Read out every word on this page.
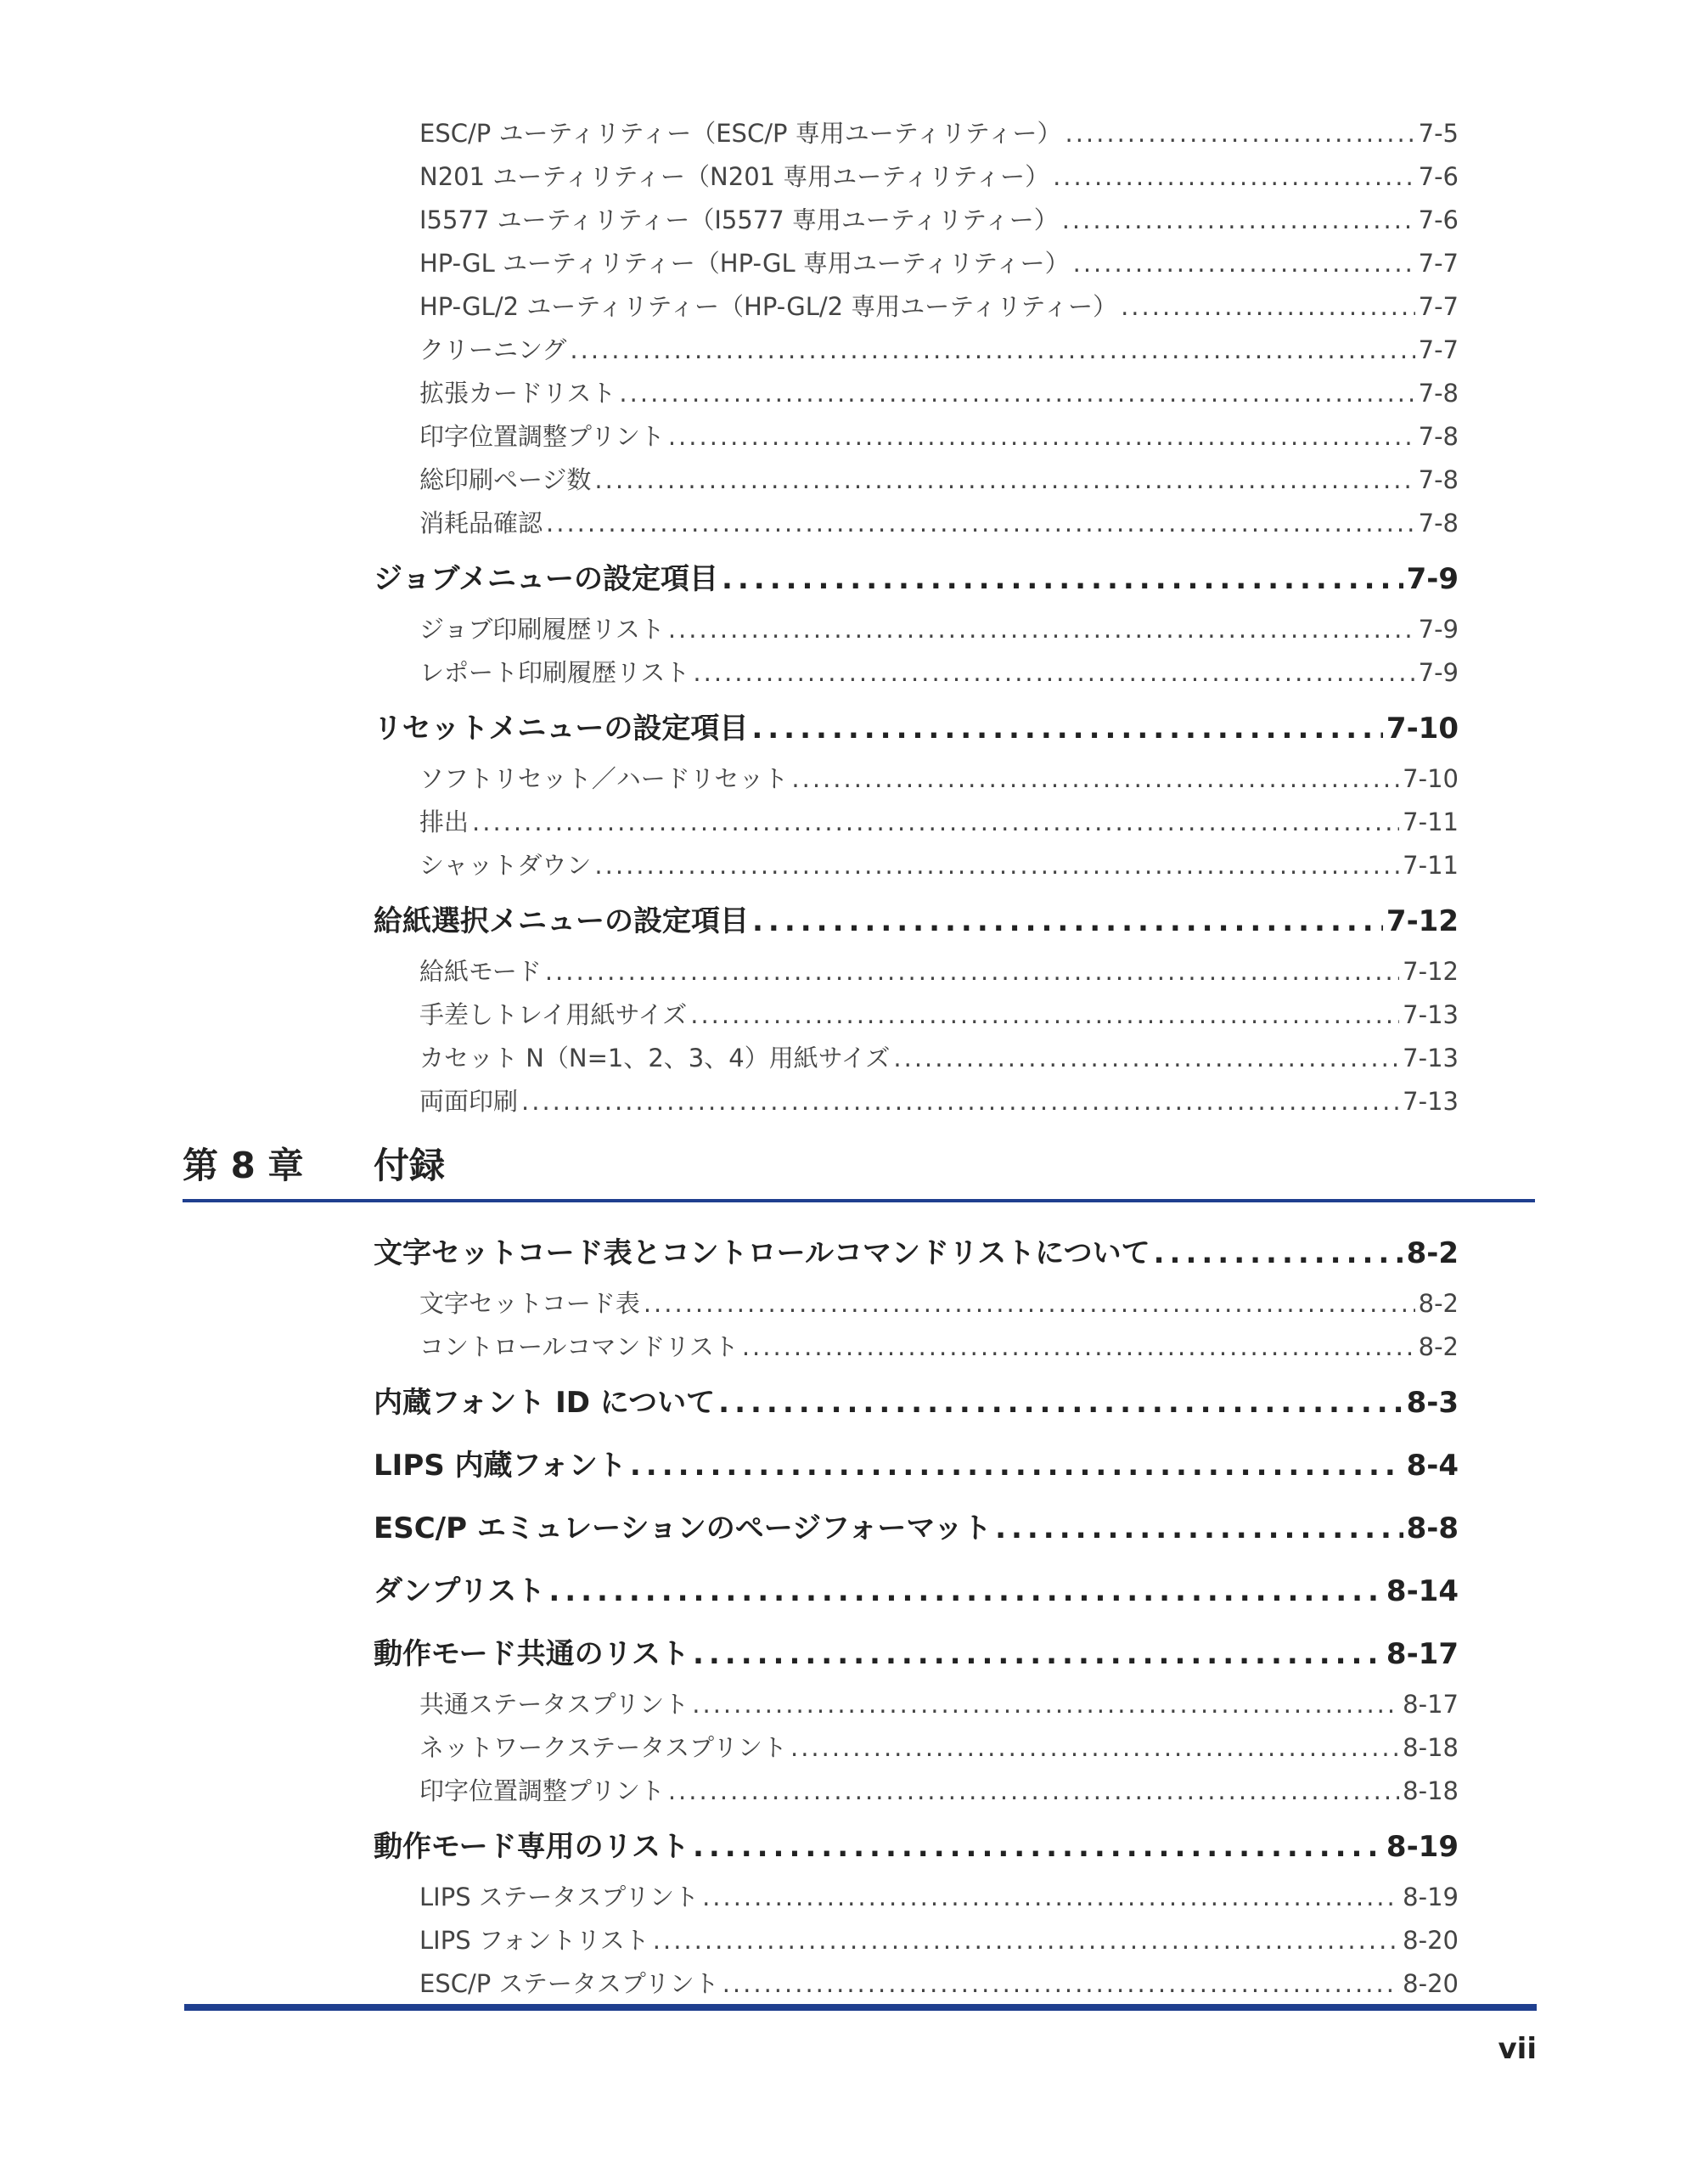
ESC/P ユーティリティー（ESC/P 専用ユーティリティー） .....	7-5
N201 ユーティリティー（N201 専用ユーティリティー） .....	7-6
I5577 ユーティリティー（I5577 専用ユーティリティー） .....	7-6
HP-GL ユーティリティー（HP-GL 専用ユーティリティー） .....	7-7
HP-GL/2 ユーティリティー（HP-GL/2 専用ユーティリティー） .....	7-7
クリーニング .....	7-7
拡張カードリスト .....	7-8
印字位置調整プリント .....	7-8
総印刷ページ数 .....	7-8
消耗品確認 .....	7-8
ジョブメニューの設定項目 .....	7-9
ジョブ印刷履歴リスト .....	7-9
レポート印刷履歴リスト .....	7-9
リセットメニューの設定項目 .....	7-10
ソフトリセット／ハードリセット .....	7-10
排出 .....	7-11
シャットダウン .....	7-11
給紙選択メニューの設定項目 .....	7-12
給紙モード .....	7-12
手差しトレイ用紙サイズ .....	7-13
カセット N（N=1、2、3、4）用紙サイズ .....	7-13
両面印刷 .....	7-13
第 8 章 付録
文字セットコード表とコントロールコマンドリストについて .....	8-2
文字セットコード表 .....	8-2
コントロールコマンドリスト .....	8-2
内蔵フォント ID について .....	8-3
LIPS 内蔵フォント .....	8-4
ESC/P エミュレーションのページフォーマット .....	8-8
ダンプリスト .....	8-14
動作モード共通のリスト .....	8-17
共通ステータスプリント .....	8-17
ネットワークステータスプリント .....	8-18
印字位置調整プリント .....	8-18
動作モード専用のリスト .....	8-19
LIPS ステータスプリント .....	8-19
LIPS フォントリスト .....	8-20
ESC/P ステータスプリント .....	8-20
vii
